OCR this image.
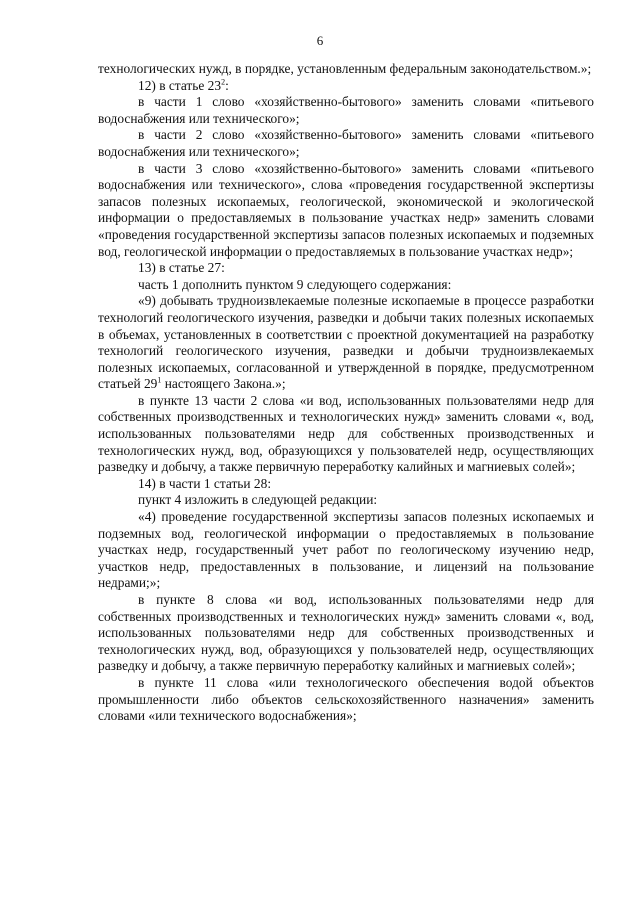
6

технологических нужд, в порядке, установленным федеральным законодательством.»;

12) в статье $23^2$:

в части 1 слово «хозяйственно-бытового» заменить словами «питьевого водоснабжения или технического»;

в части 2 слово «хозяйственно-бытового» заменить словами «питьевого водоснабжения или технического»;

в части 3 слово «хозяйственно-бытового» заменить словами «питьевого водоснабжения или технического», слова «проведения государственной экспертизы запасов полезных ископаемых, геологической, экономической и экологической информации о предоставляемых в пользование участках недр» заменить словами «проведения государственной экспертизы запасов полезных ископаемых и подземных вод, геологической информации о предоставляемых в пользование участках недр»;

13) в статье 27:

часть 1 дополнить пунктом 9 следующего содержания:

«9) добывать трудноизвлекаемые полезные ископаемые в процессе разработки технологий геологического изучения, разведки и добычи таких полезных ископаемых в объемах, установленных в соответствии с проектной документацией на разработку технологий геологического изучения, разведки и добычи трудноизвлекаемых полезных ископаемых, согласованной и утвержденной в порядке, предусмотренном статьей $29^1$ настоящего Закона.»;

в пункте 13 части 2 слова «и вод, использованных пользователями недр для собственных производственных и технологических нужд» заменить словами «, вод, использованных пользователями недр для собственных производственных и технологических нужд, вод, образующихся у пользователей недр, осуществляющих разведку и добычу, а также первичную переработку калийных и магниевых солей»;

14) в части 1 статьи 28:

пункт 4 изложить в следующей редакции:

«4) проведение государственной экспертизы запасов полезных ископаемых и подземных вод, геологической информации о предоставляемых в пользование участках недр, государственный учет работ по геологическому изучению недр, участков недр, предоставленных в пользование, и лицензий на пользование недрами;»;

в пункте 8 слова «и вод, использованных пользователями недр для собственных производственных и технологических нужд» заменить словами «, вод, использованных пользователями недр для собственных производственных и технологических нужд, вод, образующихся у пользователей недр, осуществляющих разведку и добычу, а также первичную переработку калийных и магниевых солей»;

в пункте 11 слова «или технологического обеспечения водой объектов промышленности либо объектов сельскохозяйственного назначения» заменить словами «или технического водоснабжения»;
